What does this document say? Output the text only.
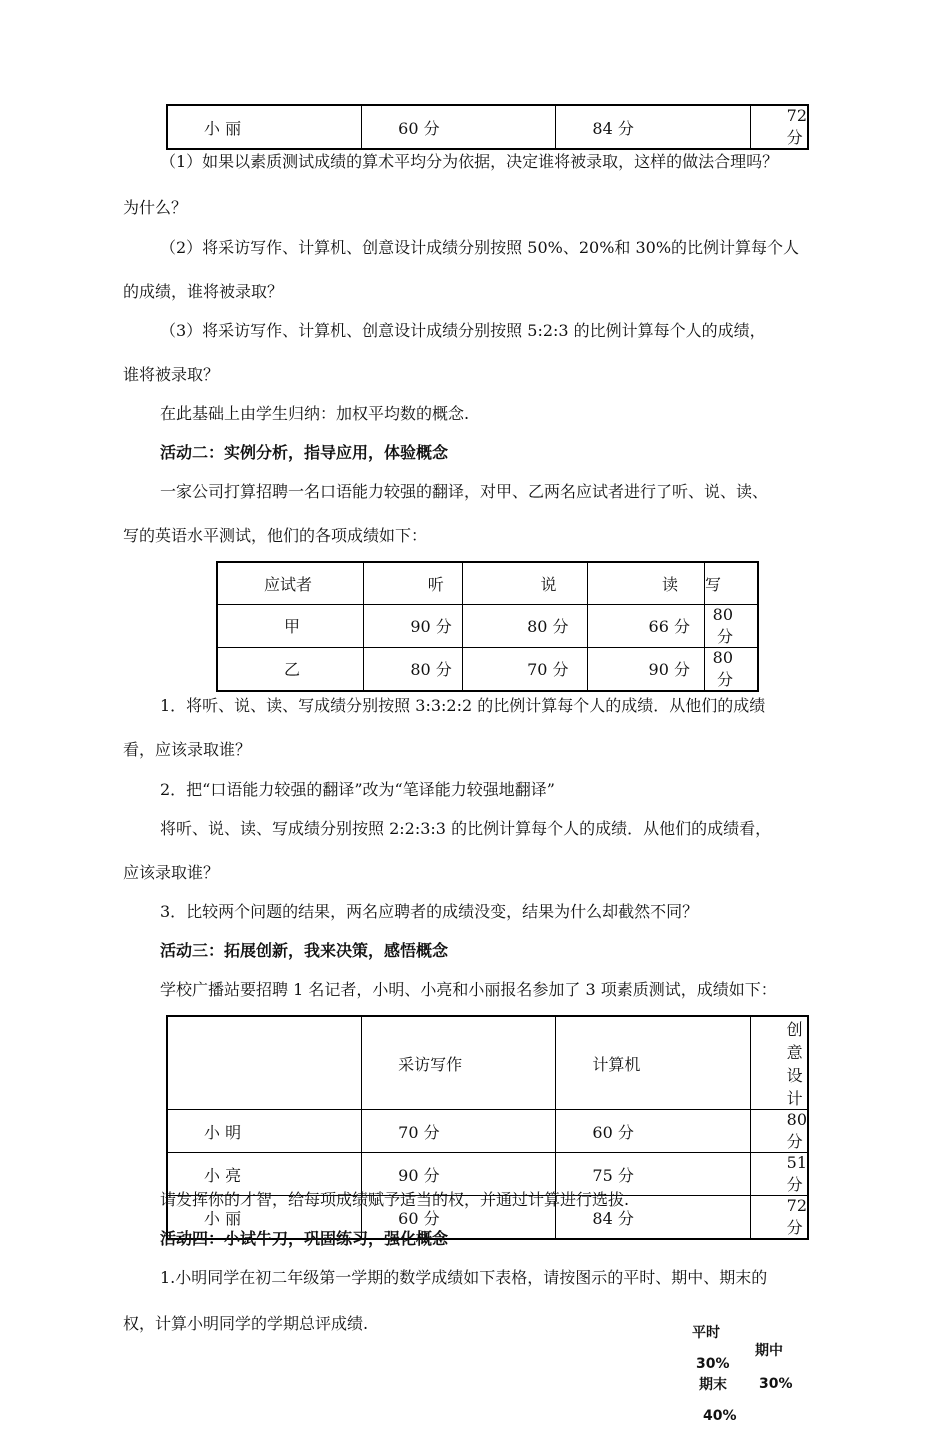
小 丽	60 分	84 分	72 分
（1）如果以素质测试成绩的算术平均分为依据，决定谁将被录取，这样的做法合理吗？
为什么？
（2）将采访写作、计算机、创意设计成绩分别按照 50%、20%和 30%的比例计算每个人
的成绩，谁将被录取？
（3）将采访写作、计算机、创意设计成绩分别按照 5:2:3 的比例计算每个人的成绩，
谁将被录取？
在此基础上由学生归纳：加权平均数的概念.
活动二：实例分析，指导应用，体验概念
一家公司打算招聘一名口语能力较强的翻译，对甲、乙两名应试者进行了听、说、读、
写的英语水平测试，他们的各项成绩如下：
应试者	听	说	读	写
甲	90 分	80 分	66 分	80 分
乙	80 分	70 分	90 分	80 分
1．将听、说、读、写成绩分别按照 3:3:2:2 的比例计算每个人的成绩．从他们的成绩
看，应该录取谁？
2．把“口语能力较强的翻译”改为“笔译能力较强地翻译”
将听、说、读、写成绩分别按照 2:2:3:3 的比例计算每个人的成绩．从他们的成绩看，
应该录取谁？
3．比较两个问题的结果，两名应聘者的成绩没变，结果为什么却截然不同？
活动三：拓展创新，我来决策，感悟概念
学校广播站要招聘 1 名记者，小明、小亮和小丽报名参加了 3 项素质测试，成绩如下：
	采访写作	计算机	创意设计
小 明	70 分	60 分	80 分
小 亮	90 分	75 分	51 分
小 丽	60 分	84 分	72 分
请发挥你的才智，给每项成绩赋予适当的权，并通过计算进行选拔.
活动四：小试牛刀，巩固练习，强化概念
1.小明同学在初二年级第一学期的数学成绩如下表格，请按图示的平时、期中、期末的
权，计算小明同学的学期总评成绩.	平时
期中
30%
期末 30%
40%
